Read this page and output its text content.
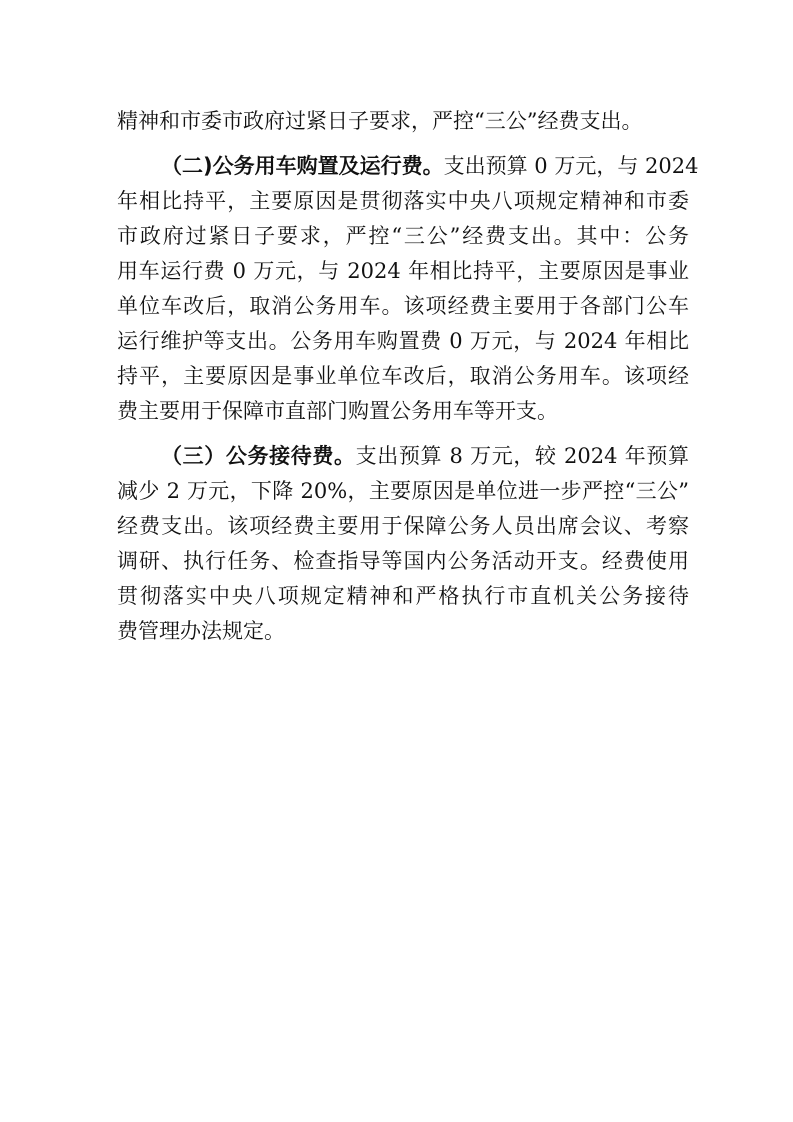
精神和市委市政府过紧日子要求，严控“三公”经费支出。
（二)公务用车购置及运行费。支出预算 0 万元，与 2024
年相比持平，主要原因是贯彻落实中央八项规定精神和市委
市政府过紧日子要求，严控“三公”经费支出。其中：公务
用车运行费 0 万元，与 2024 年相比持平，主要原因是事业
单位车改后，取消公务用车。该项经费主要用于各部门公车
运行维护等支出。公务用车购置费 0 万元，与 2024 年相比
持平，主要原因是事业单位车改后，取消公务用车。该项经
费主要用于保障市直部门购置公务用车等开支。
（三）公务接待费。支出预算 8 万元，较 2024 年预算
减少 2 万元，下降 20%，主要原因是单位进一步严控“三公”
经费支出。该项经费主要用于保障公务人员出席会议、考察
调研、执行任务、检查指导等国内公务活动开支。经费使用
贯彻落实中央八项规定精神和严格执行市直机关公务接待
费管理办法规定。
